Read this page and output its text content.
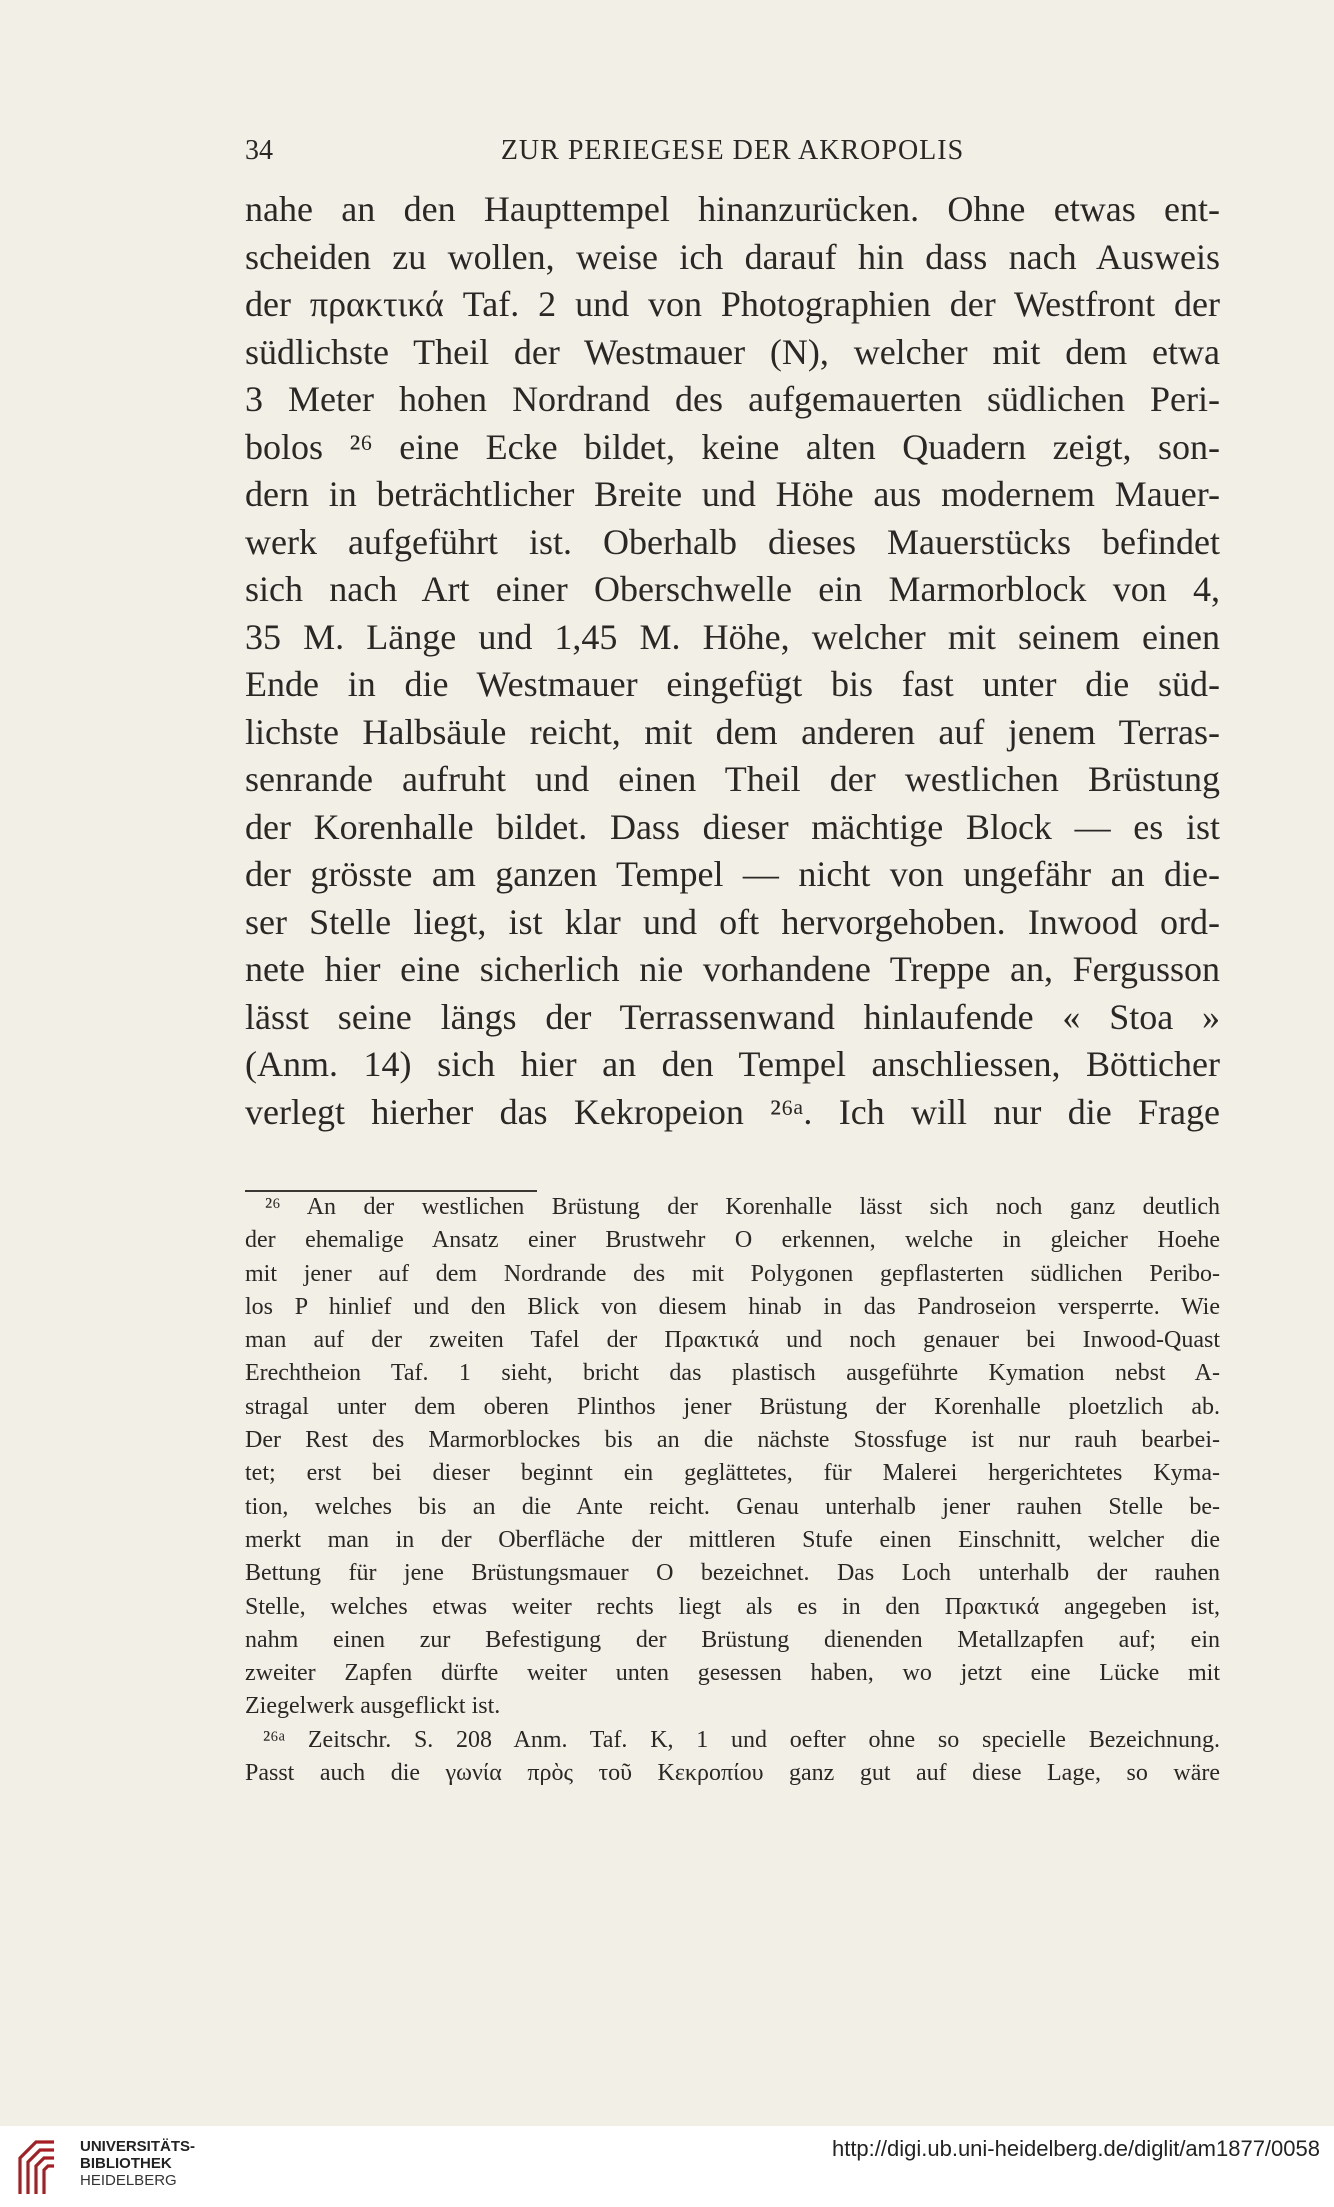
34	ZUR PERIEGESE DER AKROPOLIS
nahe an den Haupttempel hinanzurücken. Ohne etwas ent-
scheiden zu wollen, weise ich darauf hin dass nach Ausweis
der πρακτικά Taf. 2 und von Photographien der Westfront der
südlichste Theil der Westmauer (N), welcher mit dem etwa
3 Meter hohen Nordrand des aufgemauerten südlichen Peri-
bolos ²⁶ eine Ecke bildet, keine alten Quadern zeigt, son-
dern in beträchtlicher Breite und Höhe aus modernem Mauer-
werk aufgeführt ist. Oberhalb dieses Mauerstücks befindet
sich nach Art einer Oberschwelle ein Marmorblock von 4,
35 M. Länge und 1,45 M. Höhe, welcher mit seinem einen
Ende in die Westmauer eingefügt bis fast unter die süd-
lichste Halbsäule reicht, mit dem anderen auf jenem Terras-
senrande aufruht und einen Theil der westlichen Brüstung
der Korenhalle bildet. Dass dieser mächtige Block — es ist
der grösste am ganzen Tempel — nicht von ungefähr an die-
ser Stelle liegt, ist klar und oft hervorgehoben. Inwood ord-
nete hier eine sicherlich nie vorhandene Treppe an, Fergusson
lässt seine längs der Terrassenwand hinlaufende « Stoa »
(Anm. 14) sich hier an den Tempel anschliessen, Bötticher
verlegt hierher das Kekropeion ²⁶ᵃ. Ich will nur die Frage
²⁶ An der westlichen Brüstung der Korenhalle lässt sich noch ganz deutlich
der ehemalige Ansatz einer Brustwehr O erkennen, welche in gleicher Hoehe
mit jener auf dem Nordrande des mit Polygonen gepflasterten südlichen Peribo-
los P hinlief und den Blick von diesem hinab in das Pandroseion versperrte. Wie
man auf der zweiten Tafel der Πρακτικά und noch genauer bei Inwood-Quast
Erechtheion Taf. 1 sieht, bricht das plastisch ausgeführte Kymation nebst A-
stragal unter dem oberen Plinthos jener Brüstung der Korenhalle ploetzlich ab.
Der Rest des Marmorblockes bis an die nächste Stossfuge ist nur rauh bearbei-
tet; erst bei dieser beginnt ein geglättetes, für Malerei hergerichtetes Kyma-
tion, welches bis an die Ante reicht. Genau unterhalb jener rauhen Stelle be-
merkt man in der Oberfläche der mittleren Stufe einen Einschnitt, welcher die
Bettung für jene Brüstungsmauer O bezeichnet. Das Loch unterhalb der rauhen
Stelle, welches etwas weiter rechts liegt als es in den Πρακτικά angegeben ist,
nahm einen zur Befestigung der Brüstung dienenden Metallzapfen auf; ein
zweiter Zapfen dürfte weiter unten gesessen haben, wo jetzt eine Lücke mit
Ziegelwerk ausgeflickt ist.
²⁶ᵃ Zeitschr. S. 208 Anm. Taf. K, 1 und oefter ohne so specielle Bezeichnung.
Passt auch die γωνία πρὸς τοῦ Κεκροπίου ganz gut auf diese Lage, so wäre
UNIVERSITÄTS-
BIBLIOTHEK
HEIDELBERG
http://digi.ub.uni-heidelberg.de/diglit/am1877/0058
